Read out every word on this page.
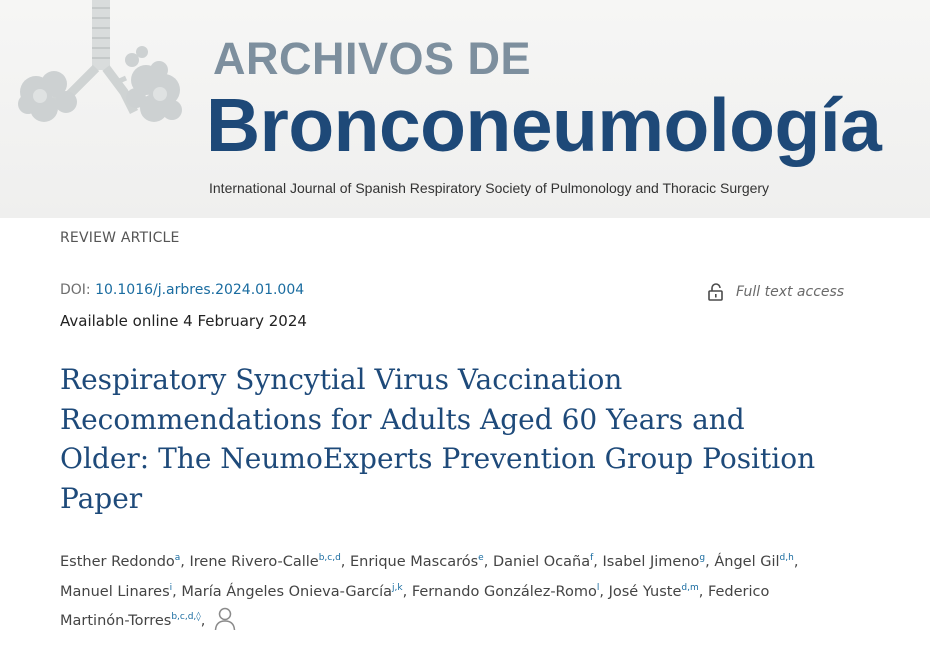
ARCHIVOS DE
Bronconeumología
International Journal of Spanish Respiratory Society of Pulmonology and Thoracic Surgery
REVIEW ARTICLE
DOI: 10.1016/j.arbres.2024.01.004
Available online 4 February 2024
Full text access
Respiratory Syncytial Virus Vaccination Recommendations for Adults Aged 60 Years and Older: The NeumoExperts Prevention Group Position Paper
Esther Redondo$^a$, Irene Rivero-Calle$^{b,c,d}$, Enrique Mascarós$^e$, Daniel Ocaña$^f$, Isabel Jimeno$^g$, Ángel Gil$^{d,h}$, Manuel Linares$^i$, María Ángeles Onieva-García$^{j,k}$, Fernando González-Romo$^l$, José Yuste$^{d,m}$, Federico Martinón-Torres$^{b,c,d,◊}$,
